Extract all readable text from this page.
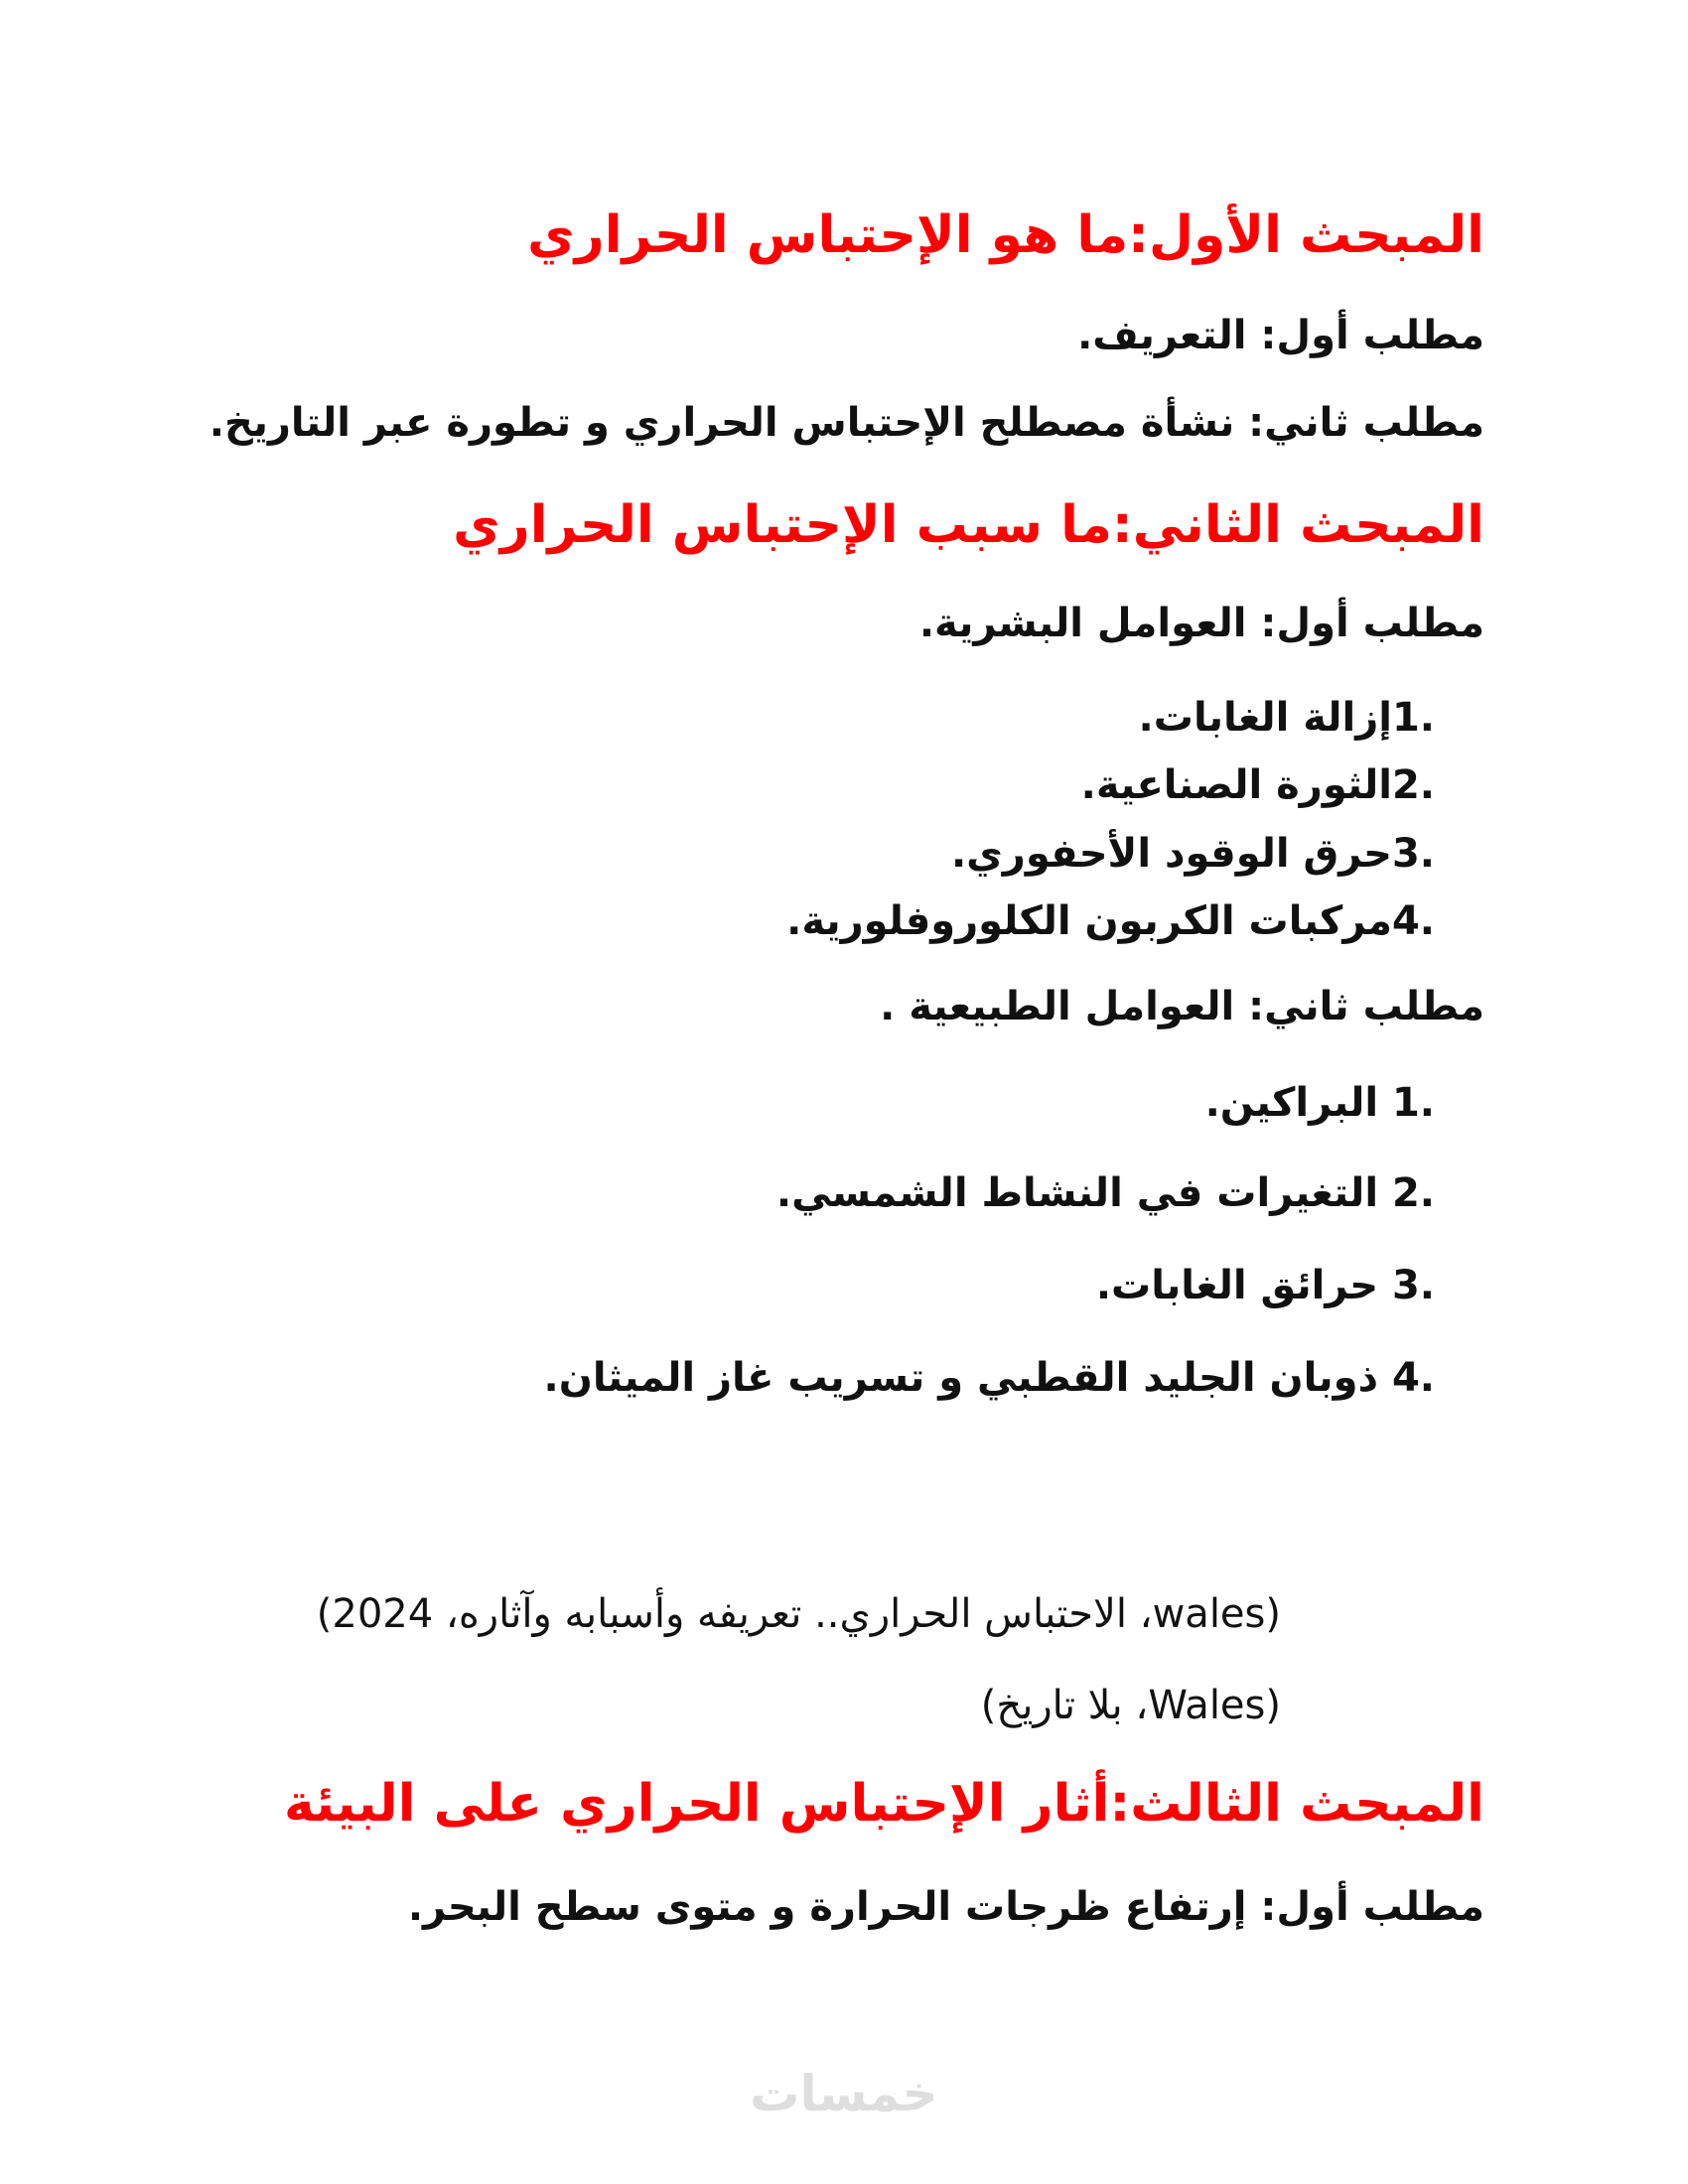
المبحث الأول:ما هو الإحتباس الحراري
مطلب أول: التعريف.
مطلب ثاني: نشأة مصطلح الإحتباس الحراري و تطورة عبر التاريخ.
المبحث الثاني:ما سبب الإحتباس الحراري
مطلب أول: العوامل البشرية.
1.إزالة الغابات.
2.الثورة الصناعية.
3.حرق الوقود الأحفوري.
4.مركبات الكربون الكلوروفلورية.
مطلب ثاني: العوامل الطبيعية .
1. البراكين.
2. التغيرات في النشاط الشمسي.
3. حرائق الغابات.
4. ذوبان الجليد القطبي و تسريب غاز الميثان.
(wales، الاحتباس الحراري.. تعريفه وأسبابه وآثاره، 2024)
(Wales، بلا تاريخ)
المبحث الثالث:أثار الإحتباس الحراري على البيئة
مطلب أول: إرتفاع ظرجات الحرارة و متوى سطح البحر.
خمسات
